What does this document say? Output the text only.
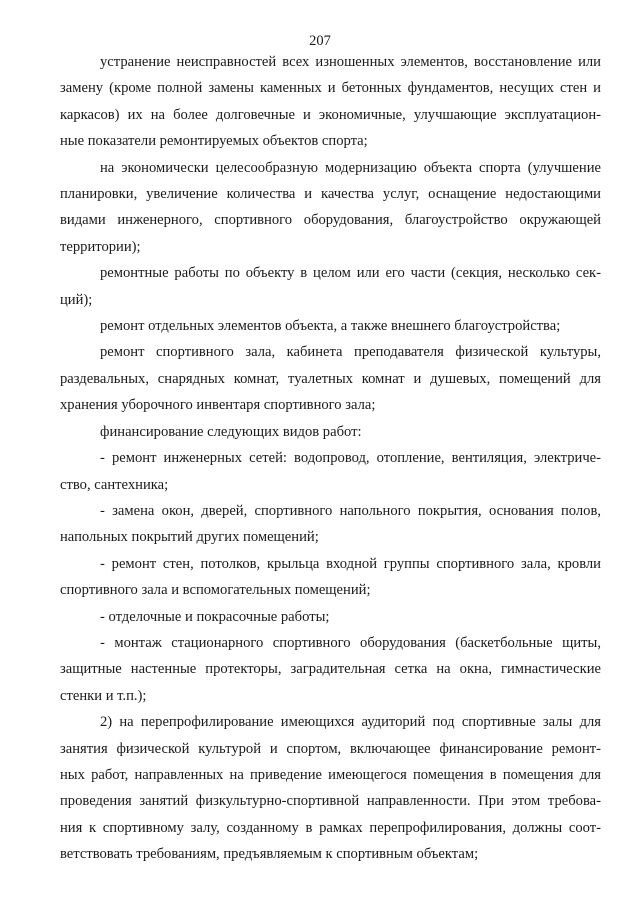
207
устранение неисправностей всех изношенных элементов, восстановление или
замену (кроме полной замены каменных и бетонных фундаментов, несущих стен и
каркасов) их на более долговечные и экономичные, улучшающие эксплуатацион-
ные показатели ремонтируемых объектов спорта;
на экономически целесообразную модернизацию объекта спорта (улучшение
планировки, увеличение количества и качества услуг, оснащение недостающими
видами инженерного, спортивного оборудования, благоустройство окружающей
территории);
ремонтные работы по объекту в целом или его части (секция, несколько сек-
ций);
ремонт отдельных элементов объекта, а также внешнего благоустройства;
ремонт спортивного зала, кабинета преподавателя физической культуры,
раздевальных, снарядных комнат, туалетных комнат и душевых, помещений для
хранения уборочного инвентаря спортивного зала;
финансирование следующих видов работ:
- ремонт инженерных сетей: водопровод, отопление, вентиляция, электриче-
ство, сантехника;
- замена окон, дверей, спортивного напольного покрытия, основания полов,
напольных покрытий других помещений;
- ремонт стен, потолков, крыльца входной группы спортивного зала, кровли
спортивного зала и вспомогательных помещений;
- отделочные и покрасочные работы;
- монтаж стационарного спортивного оборудования (баскетбольные щиты,
защитные настенные протекторы, заградительная сетка на окна, гимнастические
стенки и т.п.);
2) на перепрофилирование имеющихся аудиторий под спортивные залы для
занятия физической культурой и спортом, включающее финансирование ремонт-
ных работ, направленных на приведение имеющегося помещения в помещения для
проведения занятий физкультурно-спортивной направленности. При этом требова-
ния к спортивному залу, созданному в рамках перепрофилирования, должны соот-
ветствовать требованиям, предъявляемым к спортивным объектам;
